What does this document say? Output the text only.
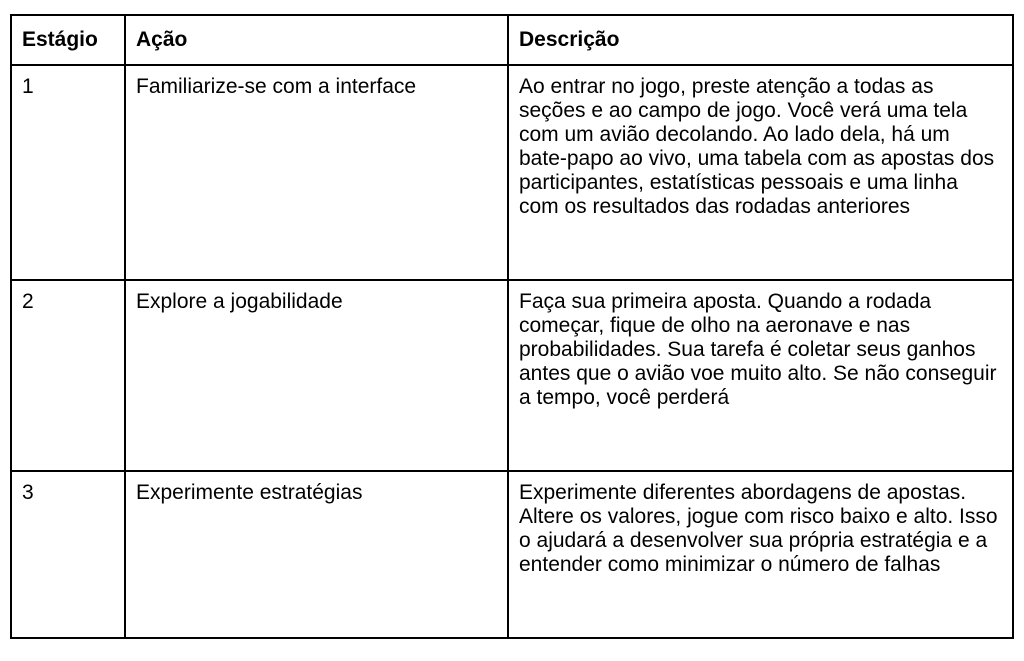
Estágio	Ação	Descrição
1	Familiarize-se com a interface	Ao entrar no jogo, preste atenção a todas as seções e ao campo de jogo. Você verá uma tela com um avião decolando. Ao lado dela, há um bate-papo ao vivo, uma tabela com as apostas dos participantes, estatísticas pessoais e uma linha com os resultados das rodadas anteriores
2	Explore a jogabilidade	Faça sua primeira aposta. Quando a rodada começar, fique de olho na aeronave e nas probabilidades. Sua tarefa é coletar seus ganhos antes que o avião voe muito alto. Se não conseguir a tempo, você perderá
3	Experimente estratégias	Experimente diferentes abordagens de apostas. Altere os valores, jogue com risco baixo e alto. Isso o ajudará a desenvolver sua própria estratégia e a entender como minimizar o número de falhas
